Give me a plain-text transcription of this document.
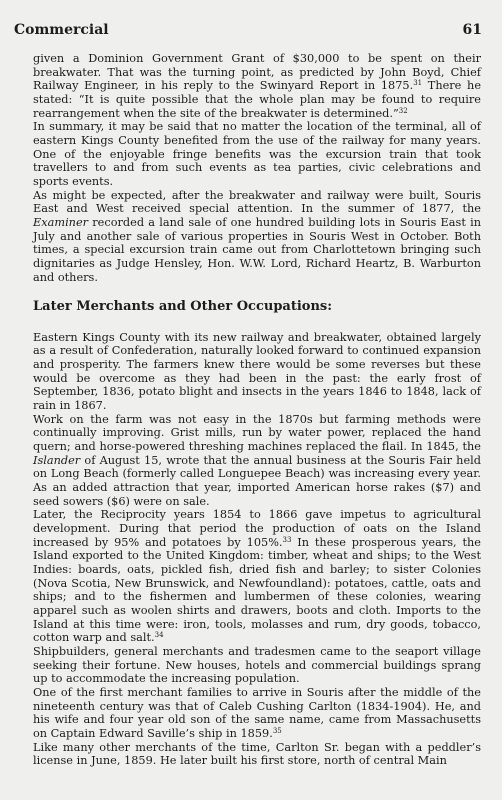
Commercial	61

given a Dominion Government Grant of $30,000 to be spent on their breakwater. That was the turning point, as predicted by John Boyd, Chief Railway Engineer, in his reply to the Swinyard Report in 1875.31 There he stated: “It is quite possible that the whole plan may be found to require rearrangement when the site of the breakwater is determined.”$^{32}$

In summary, it may be said that no matter the location of the terminal, all of eastern Kings County benefited from the use of the railway for many years. One of the enjoyable fringe benefits was the excursion train that took travellers to and from such events as tea parties, civic celebrations and sports events.

As might be expected, after the breakwater and railway were built, Souris East and West received special attention. In the summer of 1877, the Examiner recorded a land sale of one hundred building lots in Souris East in July and another sale of various properties in Souris West in October. Both times, a special excursion train came out from Charlottetown bringing such dignitaries as Judge Hensley, Hon. W.W. Lord, Richard Heartz, B. Warburton and others.

Later Merchants and Other Occupations:

Eastern Kings County with its new railway and breakwater, obtained largely as a result of Confederation, naturally looked forward to continued expansion and prosperity. The farmers knew there would be some reverses but these would be overcome as they had been in the past: the early frost of September, 1836, potato blight and insects in the years 1846 to 1848, lack of rain in 1867.

Work on the farm was not easy in the 1870s but farming methods were continually improving. Grist mills, run by water power, replaced the hand quern; and horse-powered threshing machines replaced the flail. In 1845, the Islander of August 15, wrote that the annual business at the Souris Fair held on Long Beach (formerly called Longuepee Beach) was increasing every year. As an added attraction that year, imported American horse rakes ($7) and seed sowers ($6) were on sale.

Later, the Reciprocity years 1854 to 1866 gave impetus to agricultural development. During that period the production of oats on the Island increased by 95% and potatoes by 105%.$^{33}$ In these prosperous years, the Island exported to the United Kingdom: timber, wheat and ships; to the West Indies: boards, oats, pickled fish, dried fish and barley; to sister Colonies (Nova Scotia, New Brunswick, and Newfoundland): potatoes, cattle, oats and ships; and to the fishermen and lumbermen of these colonies, wearing apparel such as woolen shirts and drawers, boots and cloth. Imports to the Island at this time were: iron, tools, molasses and rum, dry goods, tobacco, cotton warp and salt.$^{34}$

Shipbuilders, general merchants and tradesmen came to the seaport village seeking their fortune. New houses, hotels and commercial buildings sprang up to accommodate the increasing population.

One of the first merchant families to arrive in Souris after the middle of the nineteenth century was that of Caleb Cushing Carlton (1834-1904). He, and his wife and four year old son of the same name, came from Massachusetts on Captain Edward Saville’s ship in 1859.35

Like many other merchants of the time, Carlton Sr. began with a peddler’s license in June, 1859. He later built his first store, north of central Main
